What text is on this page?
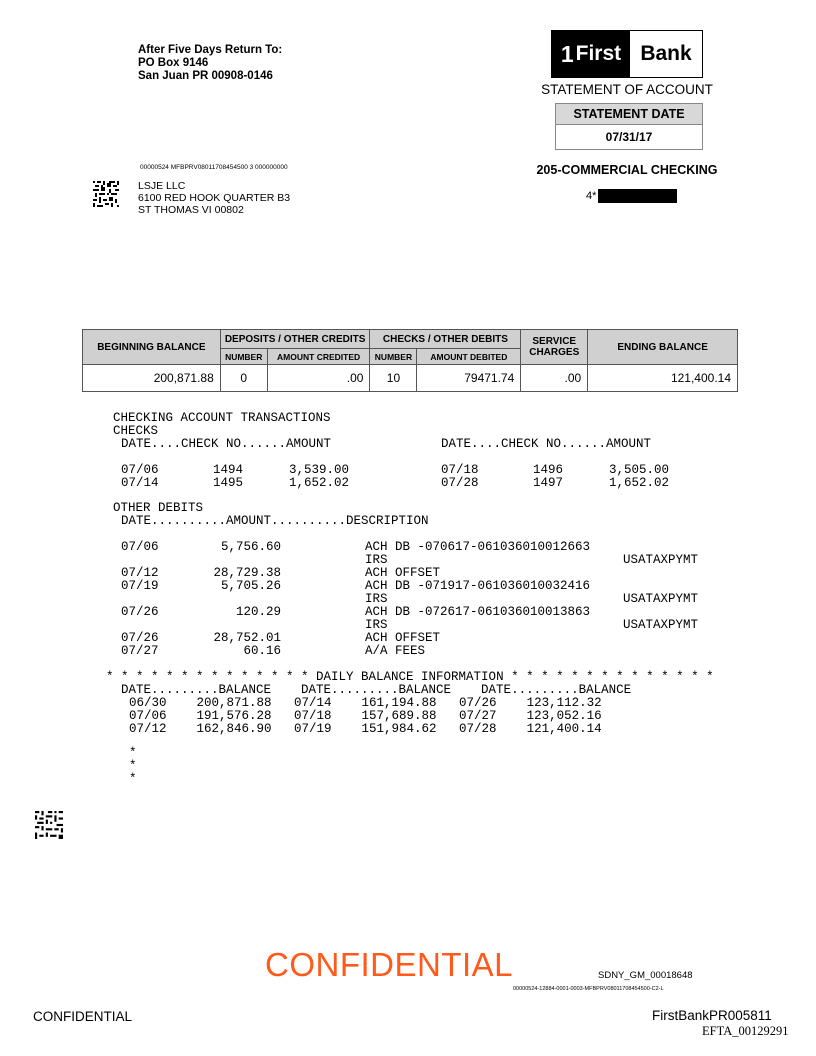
After Five Days Return To:
PO Box 9146
San Juan PR 00908-0146
1 First Bank
STATEMENT OF ACCOUNT
STATEMENT DATE
07/31/17
205-COMMERCIAL CHECKING
4*
00000524 MFBPRV08011708454500 3 000000000
LSJE LLC
6100 RED HOOK QUARTER B3
ST THOMAS VI 00802
BEGINNING BALANCE	DEPOSITS / OTHER CREDITS		CHECKS / OTHER DEBITS		SERVICE CHARGES	ENDING BALANCE
	NUMBER	AMOUNT CREDITED	NUMBER	AMOUNT DEBITED		
200,871.88	0	.00	10	79471.74	.00	121,400.14
CHECKING ACCOUNT TRANSACTIONS
CHECKS
DATE....CHECK NO......AMOUNT	DATE....CHECK NO......AMOUNT
07/06	1494	3,539.00
07/14	1495	1,652.02
07/18	1496	3,505.00
07/28	1497	1,652.02
OTHER DEBITS
DATE..........AMOUNT..........DESCRIPTION
07/06	5,756.60	ACH DB -070617-061036010012663
IRS	USATAXPYMT
07/12	28,729.38	ACH OFFSET
07/19	5,705.26	ACH DB -071917-061036010032416
IRS	USATAXPYMT
07/26	120.29	ACH DB -072617-061036010013863
IRS	USATAXPYMT
07/26	28,752.01	ACH OFFSET
07/27	60.16	A/A FEES
* * * * * * * * * * * * * * DAILY BALANCE INFORMATION * * * * * * * * * * * * * *
DATE.........BALANCE    DATE.........BALANCE    DATE.........BALANCE
06/30    200,871.88   07/14    161,194.88   07/26    123,112.32
07/06    191,576.28   07/18    157,689.88   07/27    123,052.16
07/12    162,846.90   07/19    151,984.62   07/28    121,400.14
*
*
*
CONFIDENTIAL	SDNY_GM_00018648
00000524-12884-0001-0003-MFBPRV08011708454500-C2-L
CONFIDENTIAL	FirstBankPR005811
EFTA_00129291
